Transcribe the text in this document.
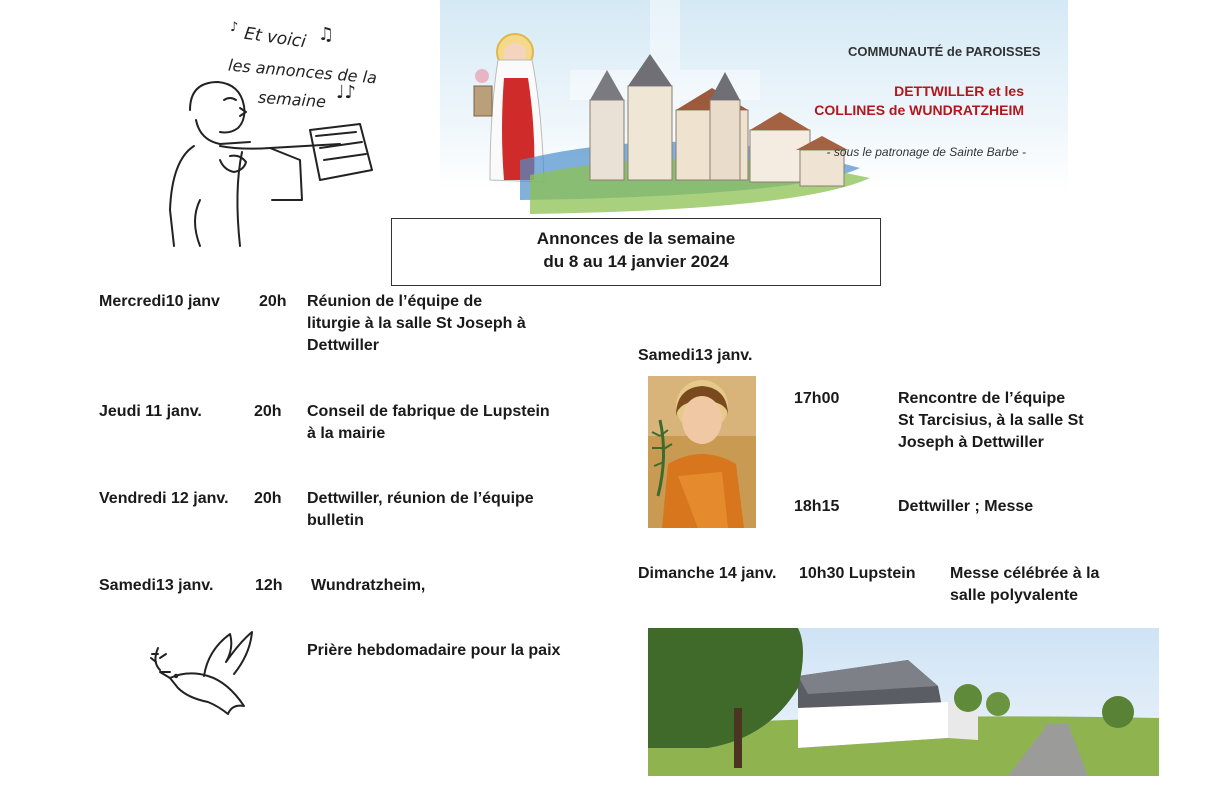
♪ Et voici ♫
les annonces de la
semaine ♩♪
COMMUNAUTÉ de PAROISSES
DETTWILLER et les
COLLINES de WUNDRATZHEIM
- sous le patronage de Sainte Barbe -
Annonces de la semaine
du 8 au 14 janvier 2024
Mercredi10 janv 20h Réunion de l’équipe de
liturgie à la salle St Joseph à
Dettwiller
Jeudi 11 janv.	20h Conseil de fabrique de Lupstein
à la mairie
Vendredi 12 janv. 20h Dettwiller, réunion de l’équipe
bulletin
Samedi13 janv.	12h Wundratzheim,
Prière hebdomadaire pour la paix
Samedi13 janv.
17h00	Rencontre de l’équipe
St Tarcisius, à la salle St
Joseph à Dettwiller
18h15	Dettwiller ; Messe
Dimanche 14 janv. 10h30 Lupstein Messe célébrée à la
salle polyvalente
